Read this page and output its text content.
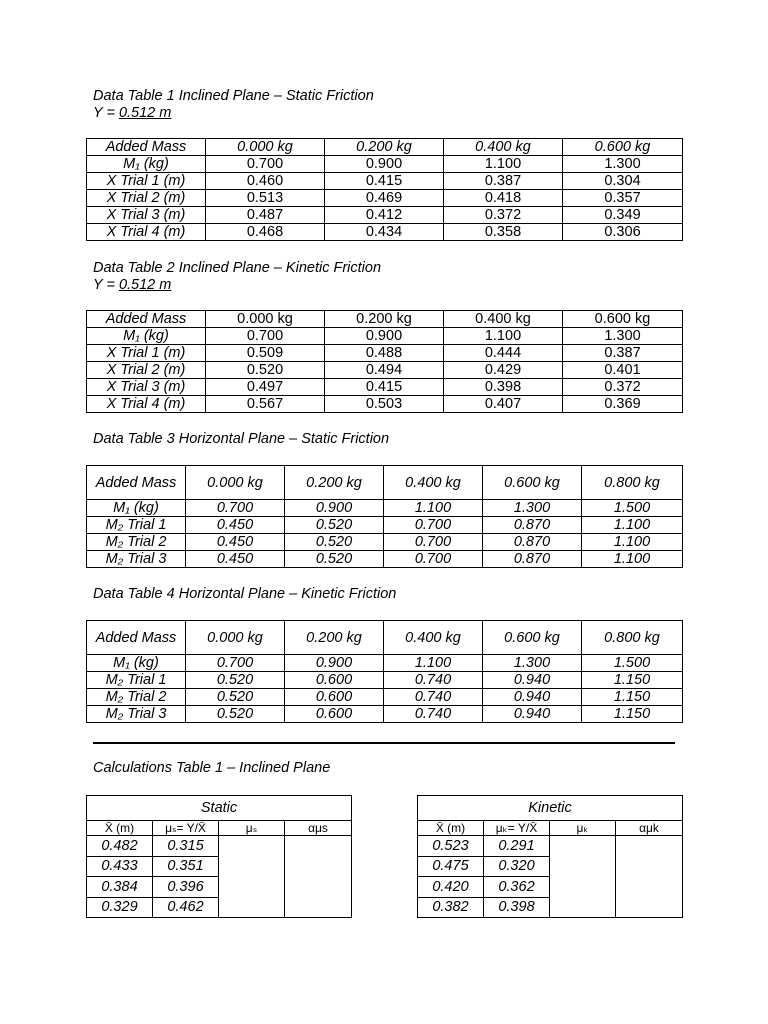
Data Table 1 Inclined Plane – Static Friction
Y = 0.512 m
Added Mass	0.000 kg	0.200 kg	0.400 kg	0.600 kg
M₁ (kg)	0.700	0.900	1.100	1.300
X Trial 1 (m)	0.460	0.415	0.387	0.304
X Trial 2 (m)	0.513	0.469	0.418	0.357
X Trial 3 (m)	0.487	0.412	0.372	0.349
X Trial 4 (m)	0.468	0.434	0.358	0.306
Data Table 2 Inclined Plane – Kinetic Friction
Y = 0.512 m
Added Mass	0.000 kg	0.200 kg	0.400 kg	0.600 kg
M₁ (kg)	0.700	0.900	1.100	1.300
X Trial 1 (m)	0.509	0.488	0.444	0.387
X Trial 2 (m)	0.520	0.494	0.429	0.401
X Trial 3 (m)	0.497	0.415	0.398	0.372
X Trial 4 (m)	0.567	0.503	0.407	0.369
Data Table 3 Horizontal Plane – Static Friction
Added Mass	0.000 kg	0.200 kg	0.400 kg	0.600 kg	0.800 kg
M₁ (kg)	0.700	0.900	1.100	1.300	1.500
M₂ Trial 1	0.450	0.520	0.700	0.870	1.100
M₂ Trial 2	0.450	0.520	0.700	0.870	1.100
M₂ Trial 3	0.450	0.520	0.700	0.870	1.100
Data Table 4 Horizontal Plane – Kinetic Friction
Added Mass	0.000 kg	0.200 kg	0.400 kg	0.600 kg	0.800 kg
M₁ (kg)	0.700	0.900	1.100	1.300	1.500
M₂ Trial 1	0.520	0.600	0.740	0.940	1.150
M₂ Trial 2	0.520	0.600	0.740	0.940	1.150
M₂ Trial 3	0.520	0.600	0.740	0.940	1.150
Calculations Table 1 – Inclined Plane
Static			
X̄ (m)	μₛ= Y/X̄	μₛ	αμs
0.482	0.315		
0.433	0.351		
0.384	0.396		
0.329	0.462		
Kinetic			
X̄ (m)	μₖ= Y/X̄	μₖ	αμk
0.523	0.291		
0.475	0.320		
0.420	0.362		
0.382	0.398		
